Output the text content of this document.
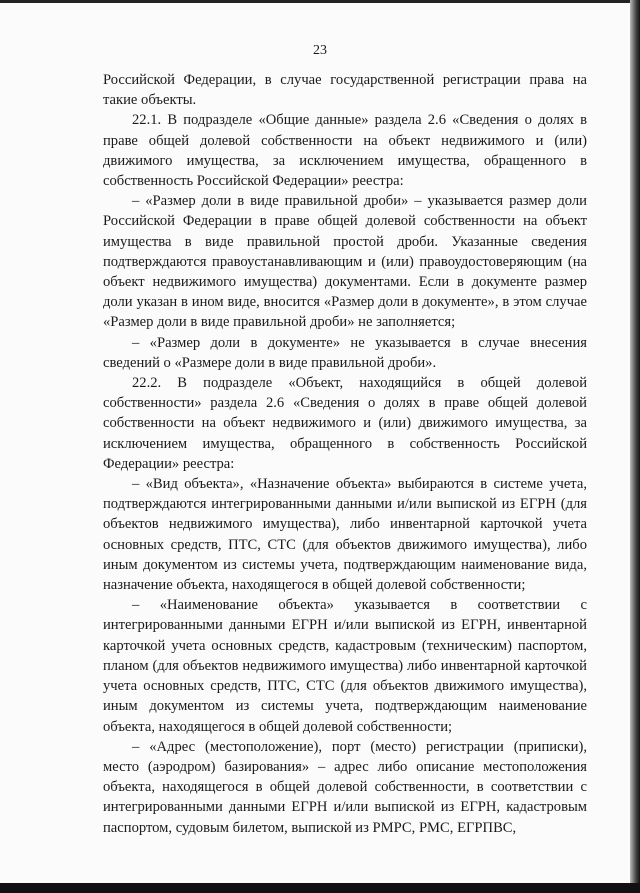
23

Российской Федерации, в случае государственной регистрации права на такие объекты.

22.1. В подразделе «Общие данные» раздела 2.6 «Сведения о долях в праве общей долевой собственности на объект недвижимого и (или) движимого имущества, за исключением имущества, обращенного в собственность Российской Федерации» реестра:

– «Размер доли в виде правильной дроби» – указывается размер доли Российской Федерации в праве общей долевой собственности на объект имущества в виде правильной простой дроби. Указанные сведения подтверждаются правоустанавливающим и (или) правоудостоверяющим (на объект недвижимого имущества) документами. Если в документе размер доли указан в ином виде, вносится «Размер доли в документе», в этом случае «Размер доли в виде правильной дроби» не заполняется;

– «Размер доли в документе» не указывается в случае внесения сведений о «Размере доли в виде правильной дроби».

22.2. В подразделе «Объект, находящийся в общей долевой собственности» раздела 2.6 «Сведения о долях в праве общей долевой собственности на объект недвижимого и (или) движимого имущества, за исключением имущества, обращенного в собственность Российской Федерации» реестра:

– «Вид объекта», «Назначение объекта» выбираются в системе учета, подтверждаются интегрированными данными и/или выпиской из ЕГРН (для объектов недвижимого имущества), либо инвентарной карточкой учета основных средств, ПТС, СТС (для объектов движимого имущества), либо иным документом из системы учета, подтверждающим наименование вида, назначение объекта, находящегося в общей долевой собственности;

– «Наименование объекта» указывается в соответствии с интегрированными данными ЕГРН и/или выпиской из ЕГРН, инвентарной карточкой учета основных средств, кадастровым (техническим) паспортом, планом (для объектов недвижимого имущества) либо инвентарной карточкой учета основных средств, ПТС, СТС (для объектов движимого имущества), иным документом из системы учета, подтверждающим наименование объекта, находящегося в общей долевой собственности;

– «Адрес (местоположение), порт (место) регистрации (приписки), место (аэродром) базирования» – адрес либо описание местоположения объекта, находящегося в общей долевой собственности, в соответствии с интегрированными данными ЕГРН и/или выпиской из ЕГРН, кадастровым паспортом, судовым билетом, выпиской из РМРС, РМС, ЕГРПВС,
